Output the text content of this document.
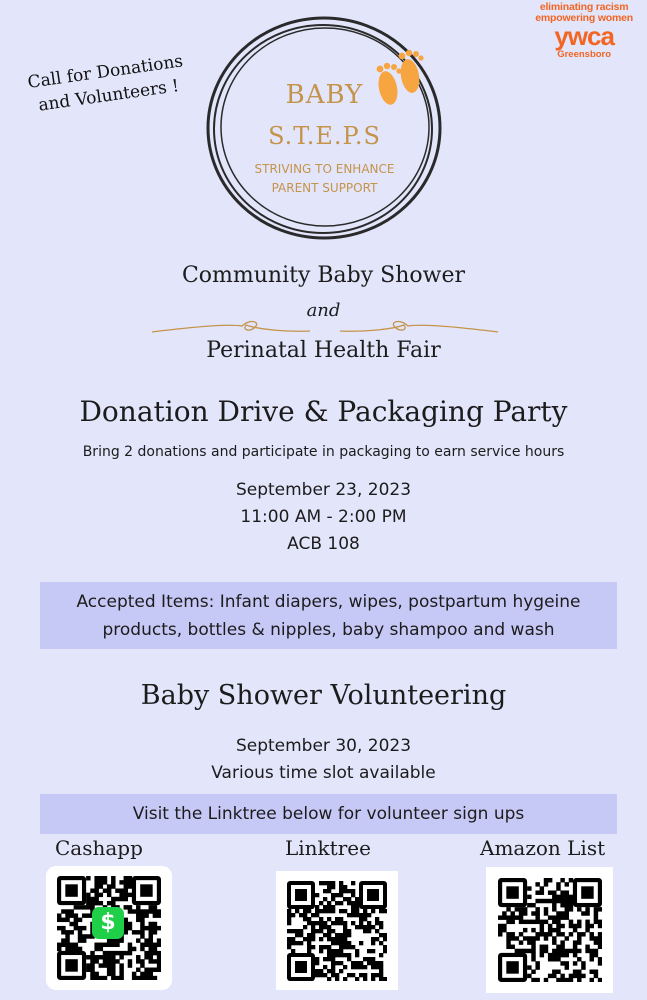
eliminating racism
empowering women
ywca
Greensboro
Call for Donations and Volunteers !	BABY
S.T.E.P.S
STRIVING TO ENHANCE
PARENT SUPPORT
Community Baby Shower
and
Perinatal Health Fair
Donation Drive & Packaging Party
Bring 2 donations and participate in packaging to earn service hours
September 23, 2023
11:00 AM - 2:00 PM
ACB 108
Accepted Items: Infant diapers, wipes, postpartum hygeine
products, bottles & nipples, baby shampoo and wash
Baby Shower Volunteering
September 30, 2023
Various time slot available
Visit the Linktree below for volunteer sign ups
Cashapp	Linktree	Amazon List
$
